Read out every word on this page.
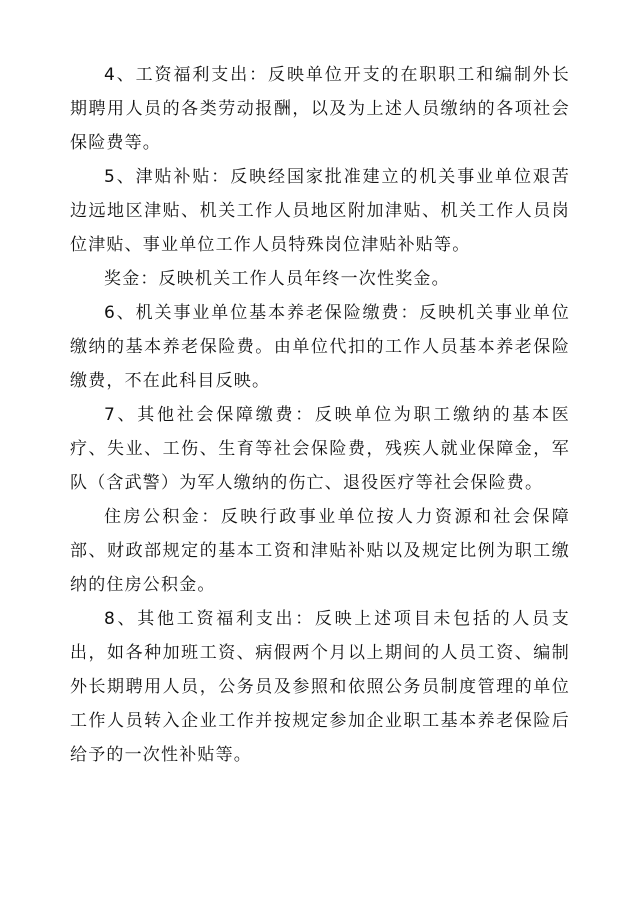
4、工资福利支出：反映单位开支的在职职工和编制外长期聘用人员的各类劳动报酬，以及为上述人员缴纳的各项社会保险费等。

5、津贴补贴：反映经国家批准建立的机关事业单位艰苦边远地区津贴、机关工作人员地区附加津贴、机关工作人员岗位津贴、事业单位工作人员特殊岗位津贴补贴等。

奖金：反映机关工作人员年终一次性奖金。

6、机关事业单位基本养老保险缴费：反映机关事业单位缴纳的基本养老保险费。由单位代扣的工作人员基本养老保险缴费，不在此科目反映。

7、其他社会保障缴费：反映单位为职工缴纳的基本医疗、失业、工伤、生育等社会保险费，残疾人就业保障金，军队（含武警）为军人缴纳的伤亡、退役医疗等社会保险费。

住房公积金：反映行政事业单位按人力资源和社会保障部、财政部规定的基本工资和津贴补贴以及规定比例为职工缴纳的住房公积金。

8、其他工资福利支出：反映上述项目未包括的人员支出，如各种加班工资、病假两个月以上期间的人员工资、编制外长期聘用人员，公务员及参照和依照公务员制度管理的单位工作人员转入企业工作并按规定参加企业职工基本养老保险后给予的一次性补贴等。
